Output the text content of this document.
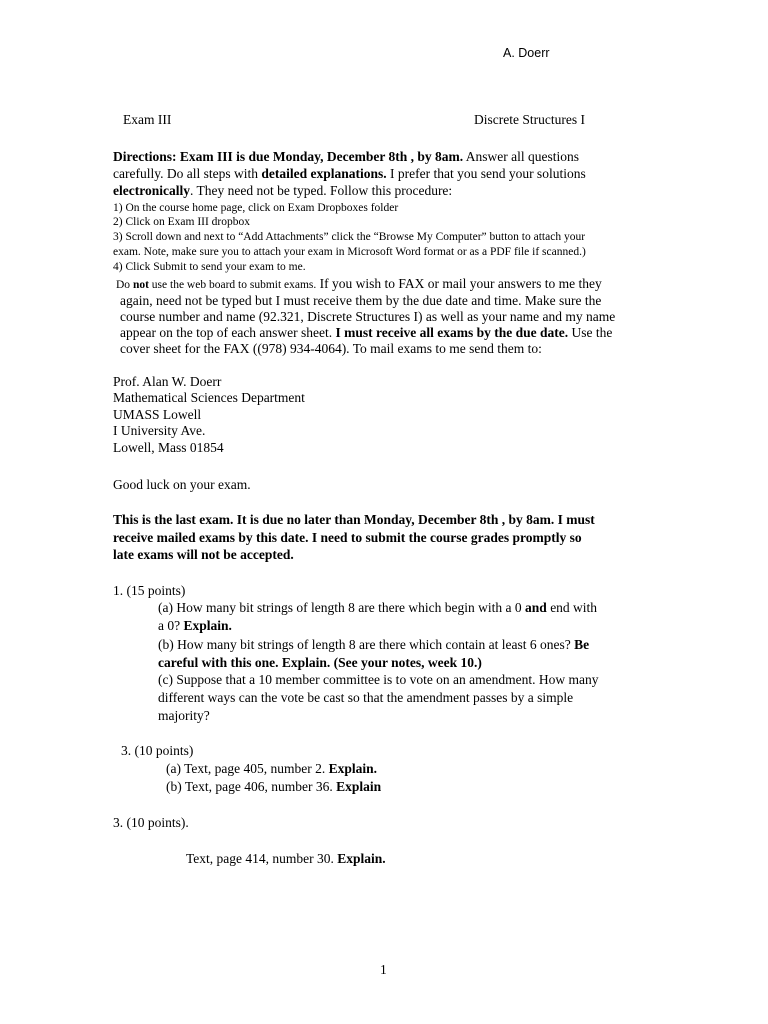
A. Doerr
Exam III	Discrete Structures I
Directions: Exam III is due Monday, December 8th , by 8am. Answer all questions
carefully. Do all steps with detailed explanations. I prefer that you send your solutions
electronically. They need not be typed. Follow this procedure:
1) On the course home page, click on Exam Dropboxes folder
2) Click on Exam III dropbox
3) Scroll down and next to “Add Attachments” click the “Browse My Computer” button to attach your
exam. Note, make sure you to attach your exam in Microsoft Word format or as a PDF file if scanned.)
4) Click Submit to send your exam to me.
Do not use the web board to submit exams. If you wish to FAX or mail your answers to me they
again, need not be typed but I must receive them by the due date and time. Make sure the
course number and name (92.321, Discrete Structures I) as well as your name and my name
appear on the top of each answer sheet. I must receive all exams by the due date. Use the
cover sheet for the FAX ((978) 934-4064). To mail exams to me send them to:
Prof. Alan W. Doerr
Mathematical Sciences Department
UMASS Lowell
I University Ave.
Lowell, Mass 01854
Good luck on your exam.
This is the last exam. It is due no later than Monday, December 8th , by 8am. I must
receive mailed exams by this date. I need to submit the course grades promptly so
late exams will not be accepted.
1. (15 points)
(a) How many bit strings of length 8 are there which begin with a 0 and end with
a 0? Explain.
(b) How many bit strings of length 8 are there which contain at least 6 ones? Be
careful with this one. Explain. (See your notes, week 10.)
(c) Suppose that a 10 member committee is to vote on an amendment. How many
different ways can the vote be cast so that the amendment passes by a simple
majority?
3. (10 points)
(a) Text, page 405, number 2. Explain.
(b) Text, page 406, number 36. Explain
3. (10 points).
Text, page 414, number 30. Explain.
1
